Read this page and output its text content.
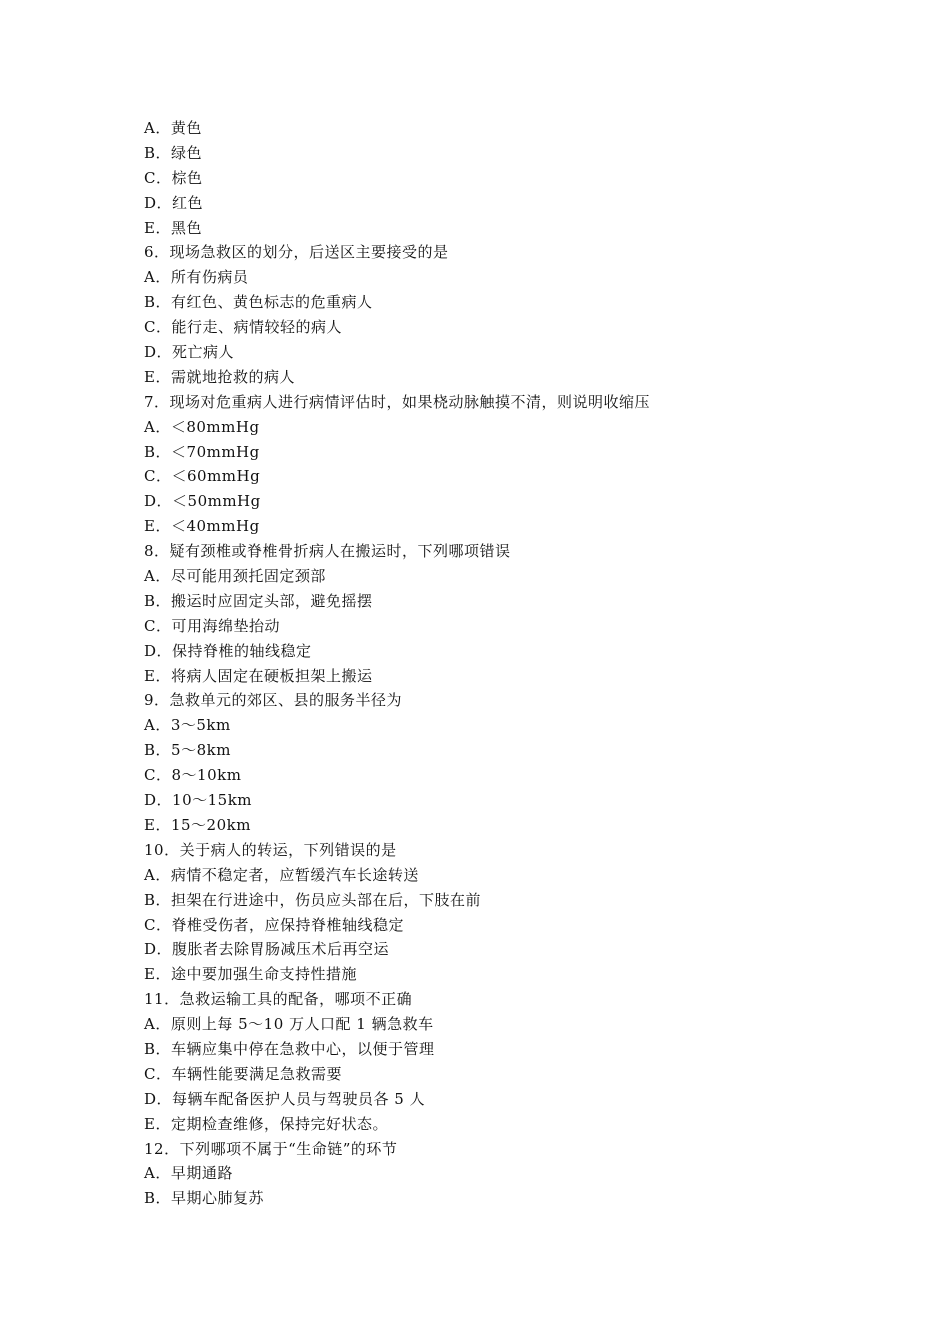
A．黄色
B．绿色
C．棕色
D．红色
E．黑色
6．现场急救区的划分，后送区主要接受的是
A．所有伤病员
B．有红色、黄色标志的危重病人
C．能行走、病情较轻的病人
D．死亡病人
E．需就地抢救的病人
7．现场对危重病人进行病情评估时，如果桡动脉触摸不清，则说明收缩压
A．＜80mmHg
B．＜70mmHg
C．＜60mmHg
D．＜50mmHg
E．＜40mmHg
8．疑有颈椎或脊椎骨折病人在搬运时，下列哪项错误
A．尽可能用颈托固定颈部
B．搬运时应固定头部，避免摇摆
C．可用海绵垫抬动
D．保持脊椎的轴线稳定
E．将病人固定在硬板担架上搬运
9．急救单元的郊区、县的服务半径为
A．3～5km
B．5～8km
C．8～10km
D．10～15km
E．15～20km
10．关于病人的转运，下列错误的是
A．病情不稳定者，应暂缓汽车长途转送
B．担架在行进途中，伤员应头部在后，下肢在前
C．脊椎受伤者，应保持脊椎轴线稳定
D．腹胀者去除胃肠减压术后再空运
E．途中要加强生命支持性措施
11．急救运输工具的配备，哪项不正确
A．原则上每 5～10 万人口配 1 辆急救车
B．车辆应集中停在急救中心，以便于管理
C．车辆性能要满足急救需要
D．每辆车配备医护人员与驾驶员各 5 人
E．定期检查维修，保持完好状态。
12．下列哪项不属于“生命链”的环节
A．早期通路
B．早期心肺复苏
